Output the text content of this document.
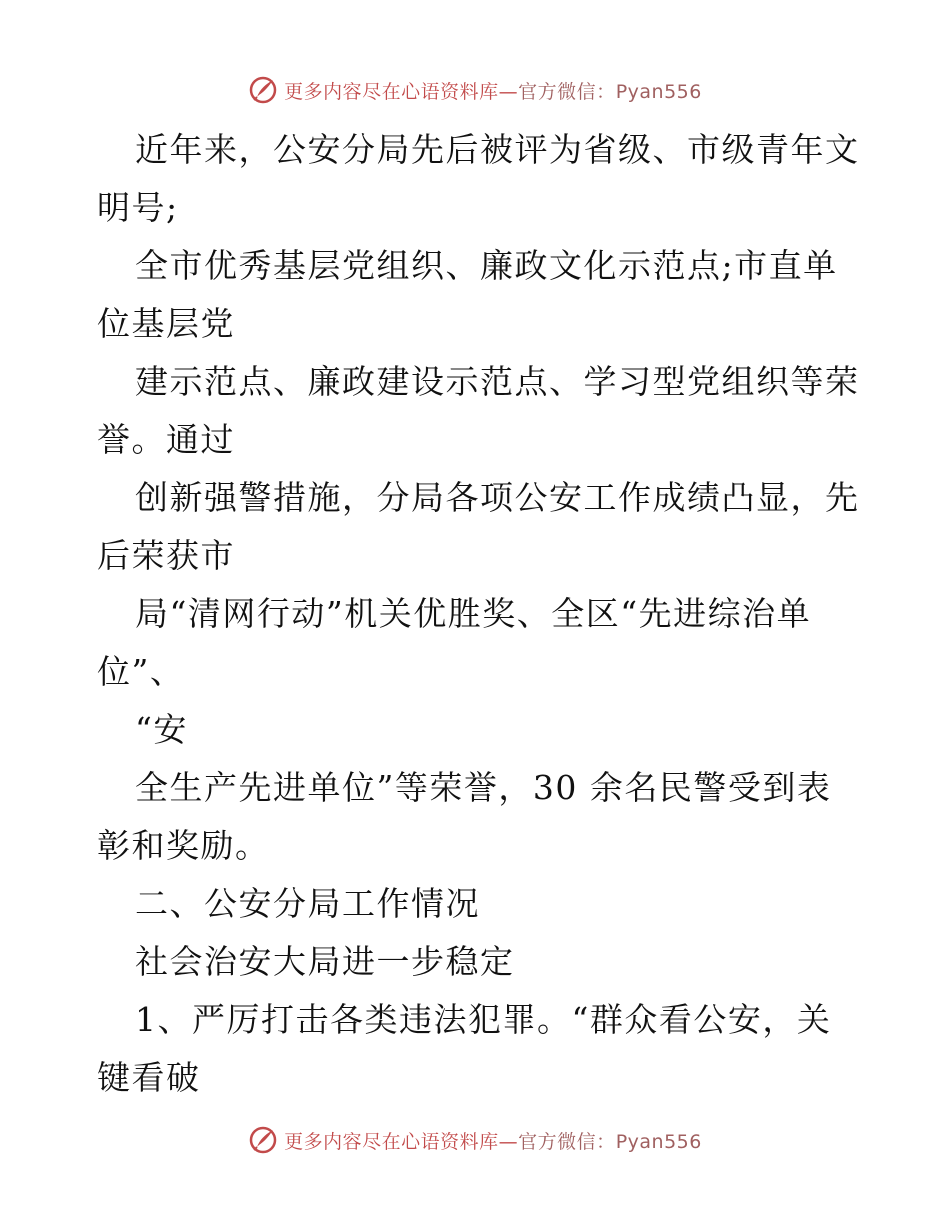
更多内容尽在心语资料库—官方微信：Pyan556
近年来，公安分局先后被评为省级、市级青年文
明号;
全市优秀基层党组织、廉政文化示范点;市直单
位基层党
建示范点、廉政建设示范点、学习型党组织等荣
誉。通过
创新强警措施，分局各项公安工作成绩凸显，先
后荣获市
局“清网行动”机关优胜奖、全区“先进综治单
位”、
“安
全生产先进单位”等荣誉，30 余名民警受到表
彰和奖励。
二、公安分局工作情况
社会治安大局进一步稳定
1、严厉打击各类违法犯罪。“群众看公安，关
键看破
更多内容尽在心语资料库—官方微信：Pyan556
